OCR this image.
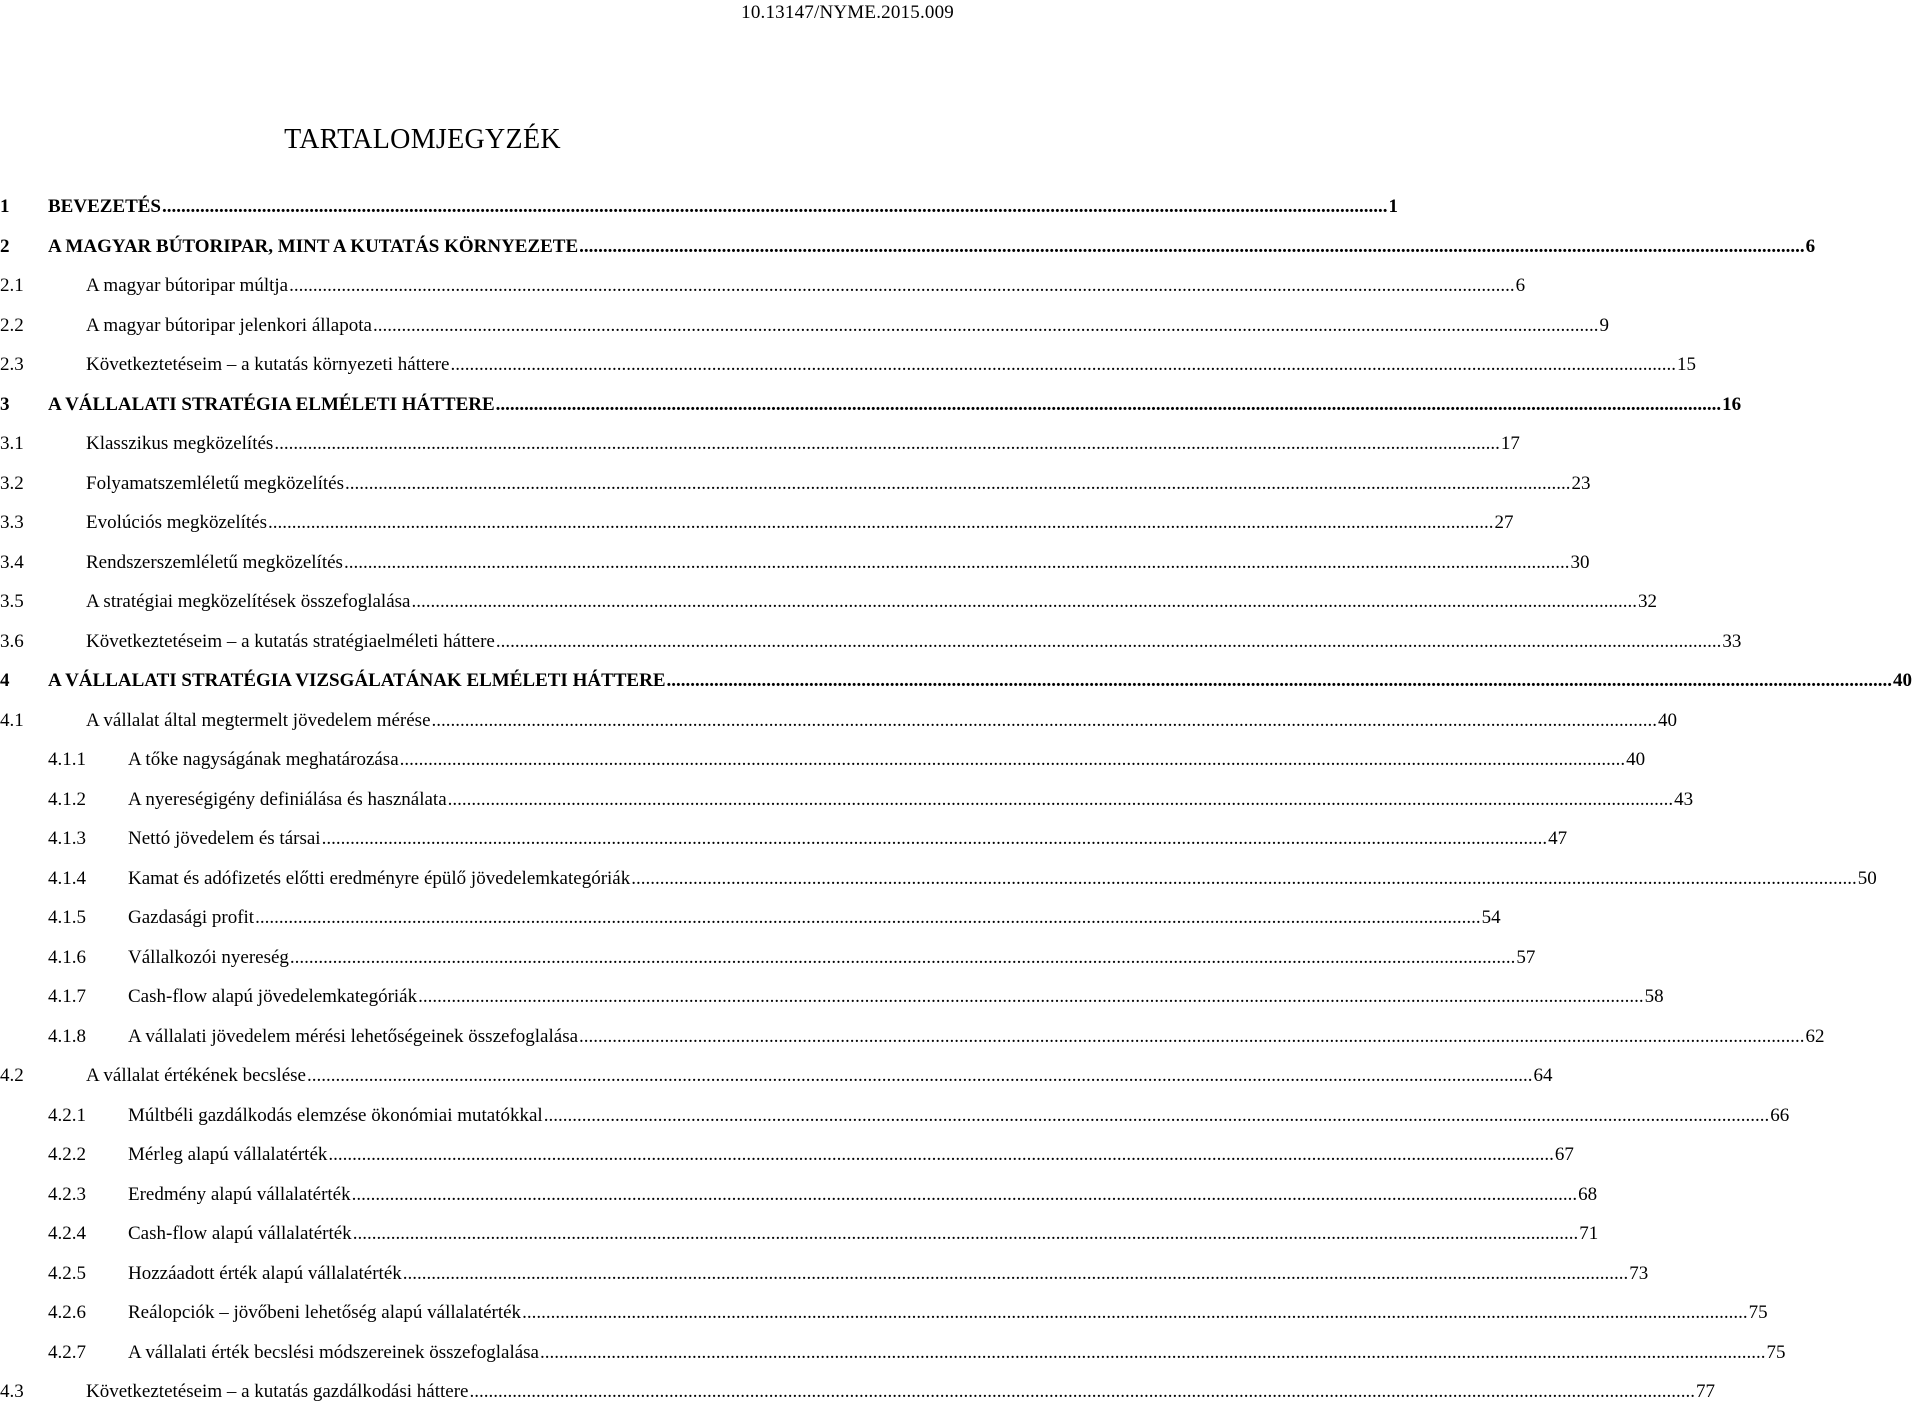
10.13147/NYME.2015.009
TARTALOMJEGYZÉK
1	BEVEZETÉS .....	1
2	A MAGYAR BÚTORIPAR, MINT A KUTATÁS KÖRNYEZETE .....	6
2.1	A magyar bútoripar múltja .....	6
2.2	A magyar bútoripar jelenkori állapota .....	9
2.3	Következtetéseim – a kutatás környezeti háttere .....	15
3	A VÁLLALATI STRATÉGIA ELMÉLETI HÁTTERE .....	16
3.1	Klasszikus megközelítés .....	17
3.2	Folyamatszemléletű megközelítés .....	23
3.3	Evolúciós megközelítés .....	27
3.4	Rendszerszemléletű megközelítés .....	30
3.5	A stratégiai megközelítések összefoglalása .....	32
3.6	Következtetéseim – a kutatás stratégiaelméleti háttere .....	33
4	A VÁLLALATI STRATÉGIA VIZSGÁLATÁNAK ELMÉLETI HÁTTERE .....	40
4.1	A vállalat által megtermelt jövedelem mérése .....	40
4.1.1	A tőke nagyságának meghatározása .....	40
4.1.2	A nyereségigény definiálása és használata .....	43
4.1.3	Nettó jövedelem és társai .....	47
4.1.4	Kamat és adófizetés előtti eredményre épülő jövedelemkategóriák .....	50
4.1.5	Gazdasági profit .....	54
4.1.6	Vállalkozói nyereség .....	57
4.1.7	Cash-flow alapú jövedelemkategóriák .....	58
4.1.8	A vállalati jövedelem mérési lehetőségeinek összefoglalása .....	62
4.2	A vállalat értékének becslése .....	64
4.2.1	Múltbéli gazdálkodás elemzése ökonómiai mutatókkal .....	66
4.2.2	Mérleg alapú vállalatérték .....	67
4.2.3	Eredmény alapú vállalatérték .....	68
4.2.4	Cash-flow alapú vállalatérték .....	71
4.2.5	Hozzáadott érték alapú vállalatérték .....	73
4.2.6	Reálopciók – jövőbeni lehetőség alapú vállalatérték .....	75
4.2.7	A vállalati érték becslési módszereinek összefoglalása .....	75
4.3	Következtetéseim – a kutatás gazdálkodási háttere .....	77
